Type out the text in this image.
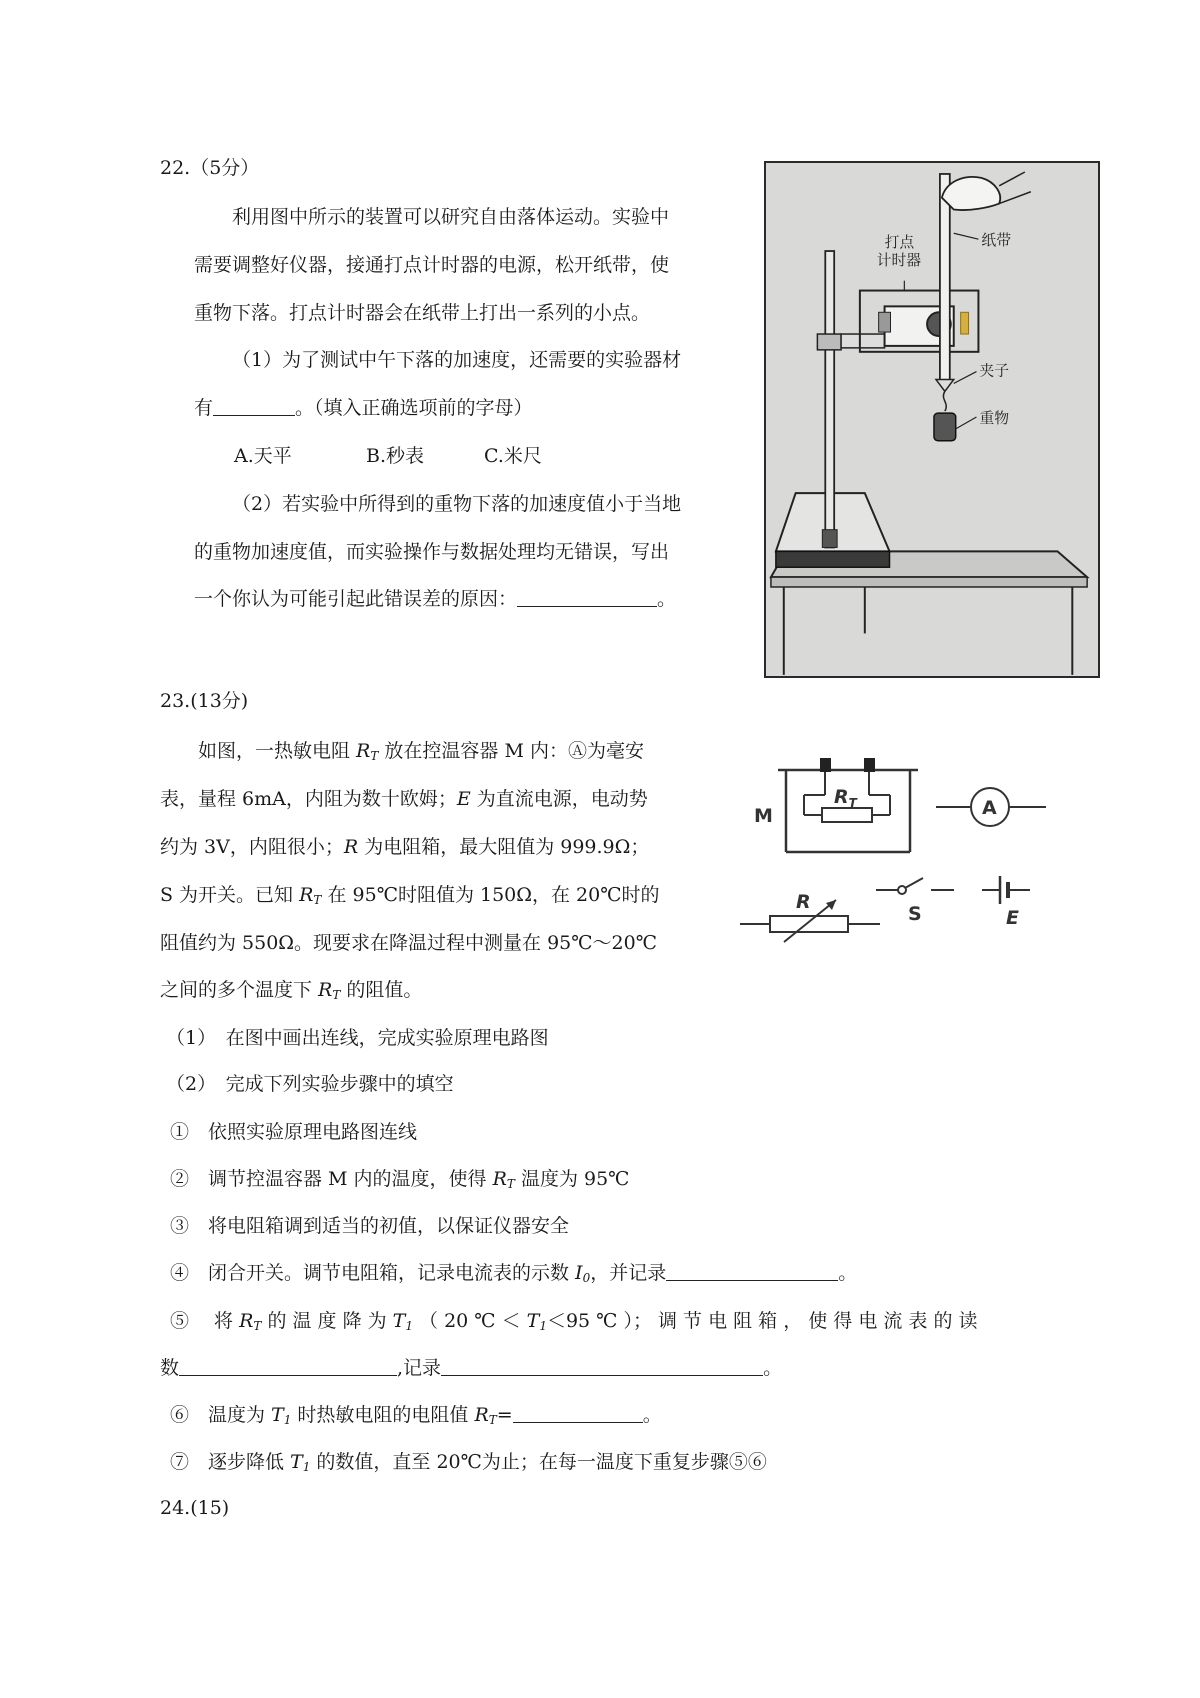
22.（5分）
利用图中所示的装置可以研究自由落体运动。实验中
需要调整好仪器，接通打点计时器的电源，松开纸带，使
重物下落。打点计时器会在纸带上打出一系列的小点。
（1）为了测试中午下落的加速度，还需要的实验器材
有	。（填入正确选项前的字母）
A.天平	B.秒表	C.米尺
（2）若实验中所得到的重物下落的加速度值小于当地
的重物加速度值，而实验操作与数据处理均无错误，写出
一个你认为可能引起此错误差的原因：	。
打点
计时器
纸带
夹子
重物
23.(13分)
如图，一热敏电阻 $R_T$ 放在控温容器 M 内：Ⓐ为毫安
表，量程 6mA，内阻为数十欧姆；E 为直流电源，电动势
约为 3V，内阻很小；R 为电阻箱，最大阻值为 999.9Ω；
S 为开关。已知 $R_T$ 在 95℃时阻值为 150Ω，在 20℃时的
阻值约为 550Ω。现要求在降温过程中测量在 95℃～20℃
之间的多个温度下 $R_T$ 的阻值。
M
$R_T$	A
S	E
R
（1）　在图中画出连线，完成实验原理电路图
（2）　完成下列实验步骤中的填空
①　依照实验原理电路图连线
②　调节控温容器 M 内的温度，使得 $R_T$ 温度为 95℃
③　将电阻箱调到适当的初值，以保证仪器安全
④　闭合开关。调节电阻箱，记录电流表的示数 $I_0$，并记录	。
⑤　 将 $R_T$ 的 温 度 降 为 $T_1$ （ 20 ℃ ＜ $T_1<95$ ℃ ）； 调 节 电 阻 箱 ， 使 得 电 流 表 的 读
数	,记录	。
⑥　温度为 $T_1$ 时热敏电阻的电阻值 $R_T=$	。
⑦　逐步降低 $T_1$ 的数值，直至 20℃为止；在每一温度下重复步骤⑤⑥
24.(15)
